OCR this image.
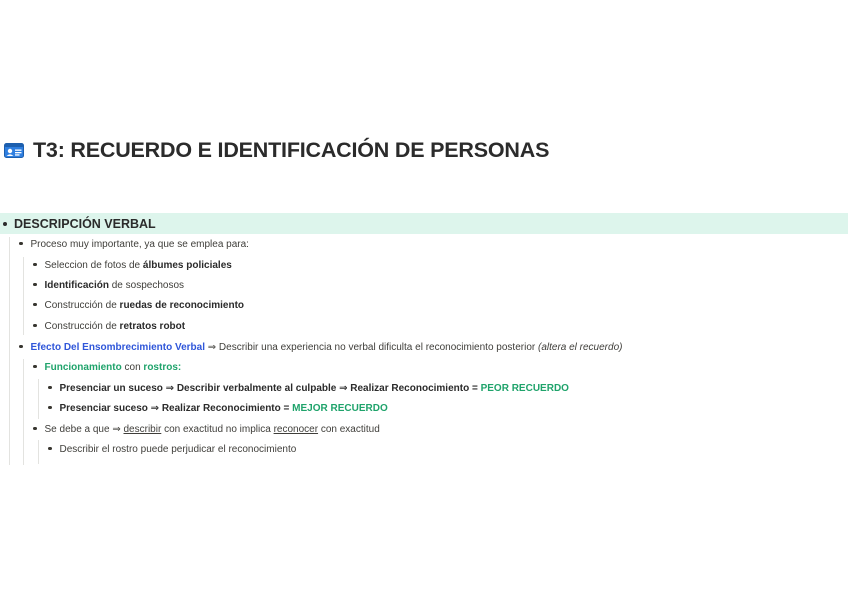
T3: RECUERDO E IDENTIFICACIÓN DE PERSONAS
DESCRIPCIÓN VERBAL
Proceso muy importante, ya que se emplea para:
Seleccion de fotos de álbumes policiales
Identificación de sospechosos
Construcción de ruedas de reconocimiento
Construcción de retratos robot
Efecto Del Ensombrecimiento Verbal ⇒ Describir una experiencia no verbal dificulta el reconocimiento posterior (altera el recuerdo)
Funcionamiento con rostros:
Presenciar un suceso ⇒ Describir verbalmente al culpable ⇒ Realizar Reconocimiento = PEOR RECUERDO
Presenciar suceso ⇒ Realizar Reconocimiento = MEJOR RECUERDO
Se debe a que ⇒ describir con exactitud no implica reconocer con exactitud
Describir el rostro puede perjudicar el reconocimiento
